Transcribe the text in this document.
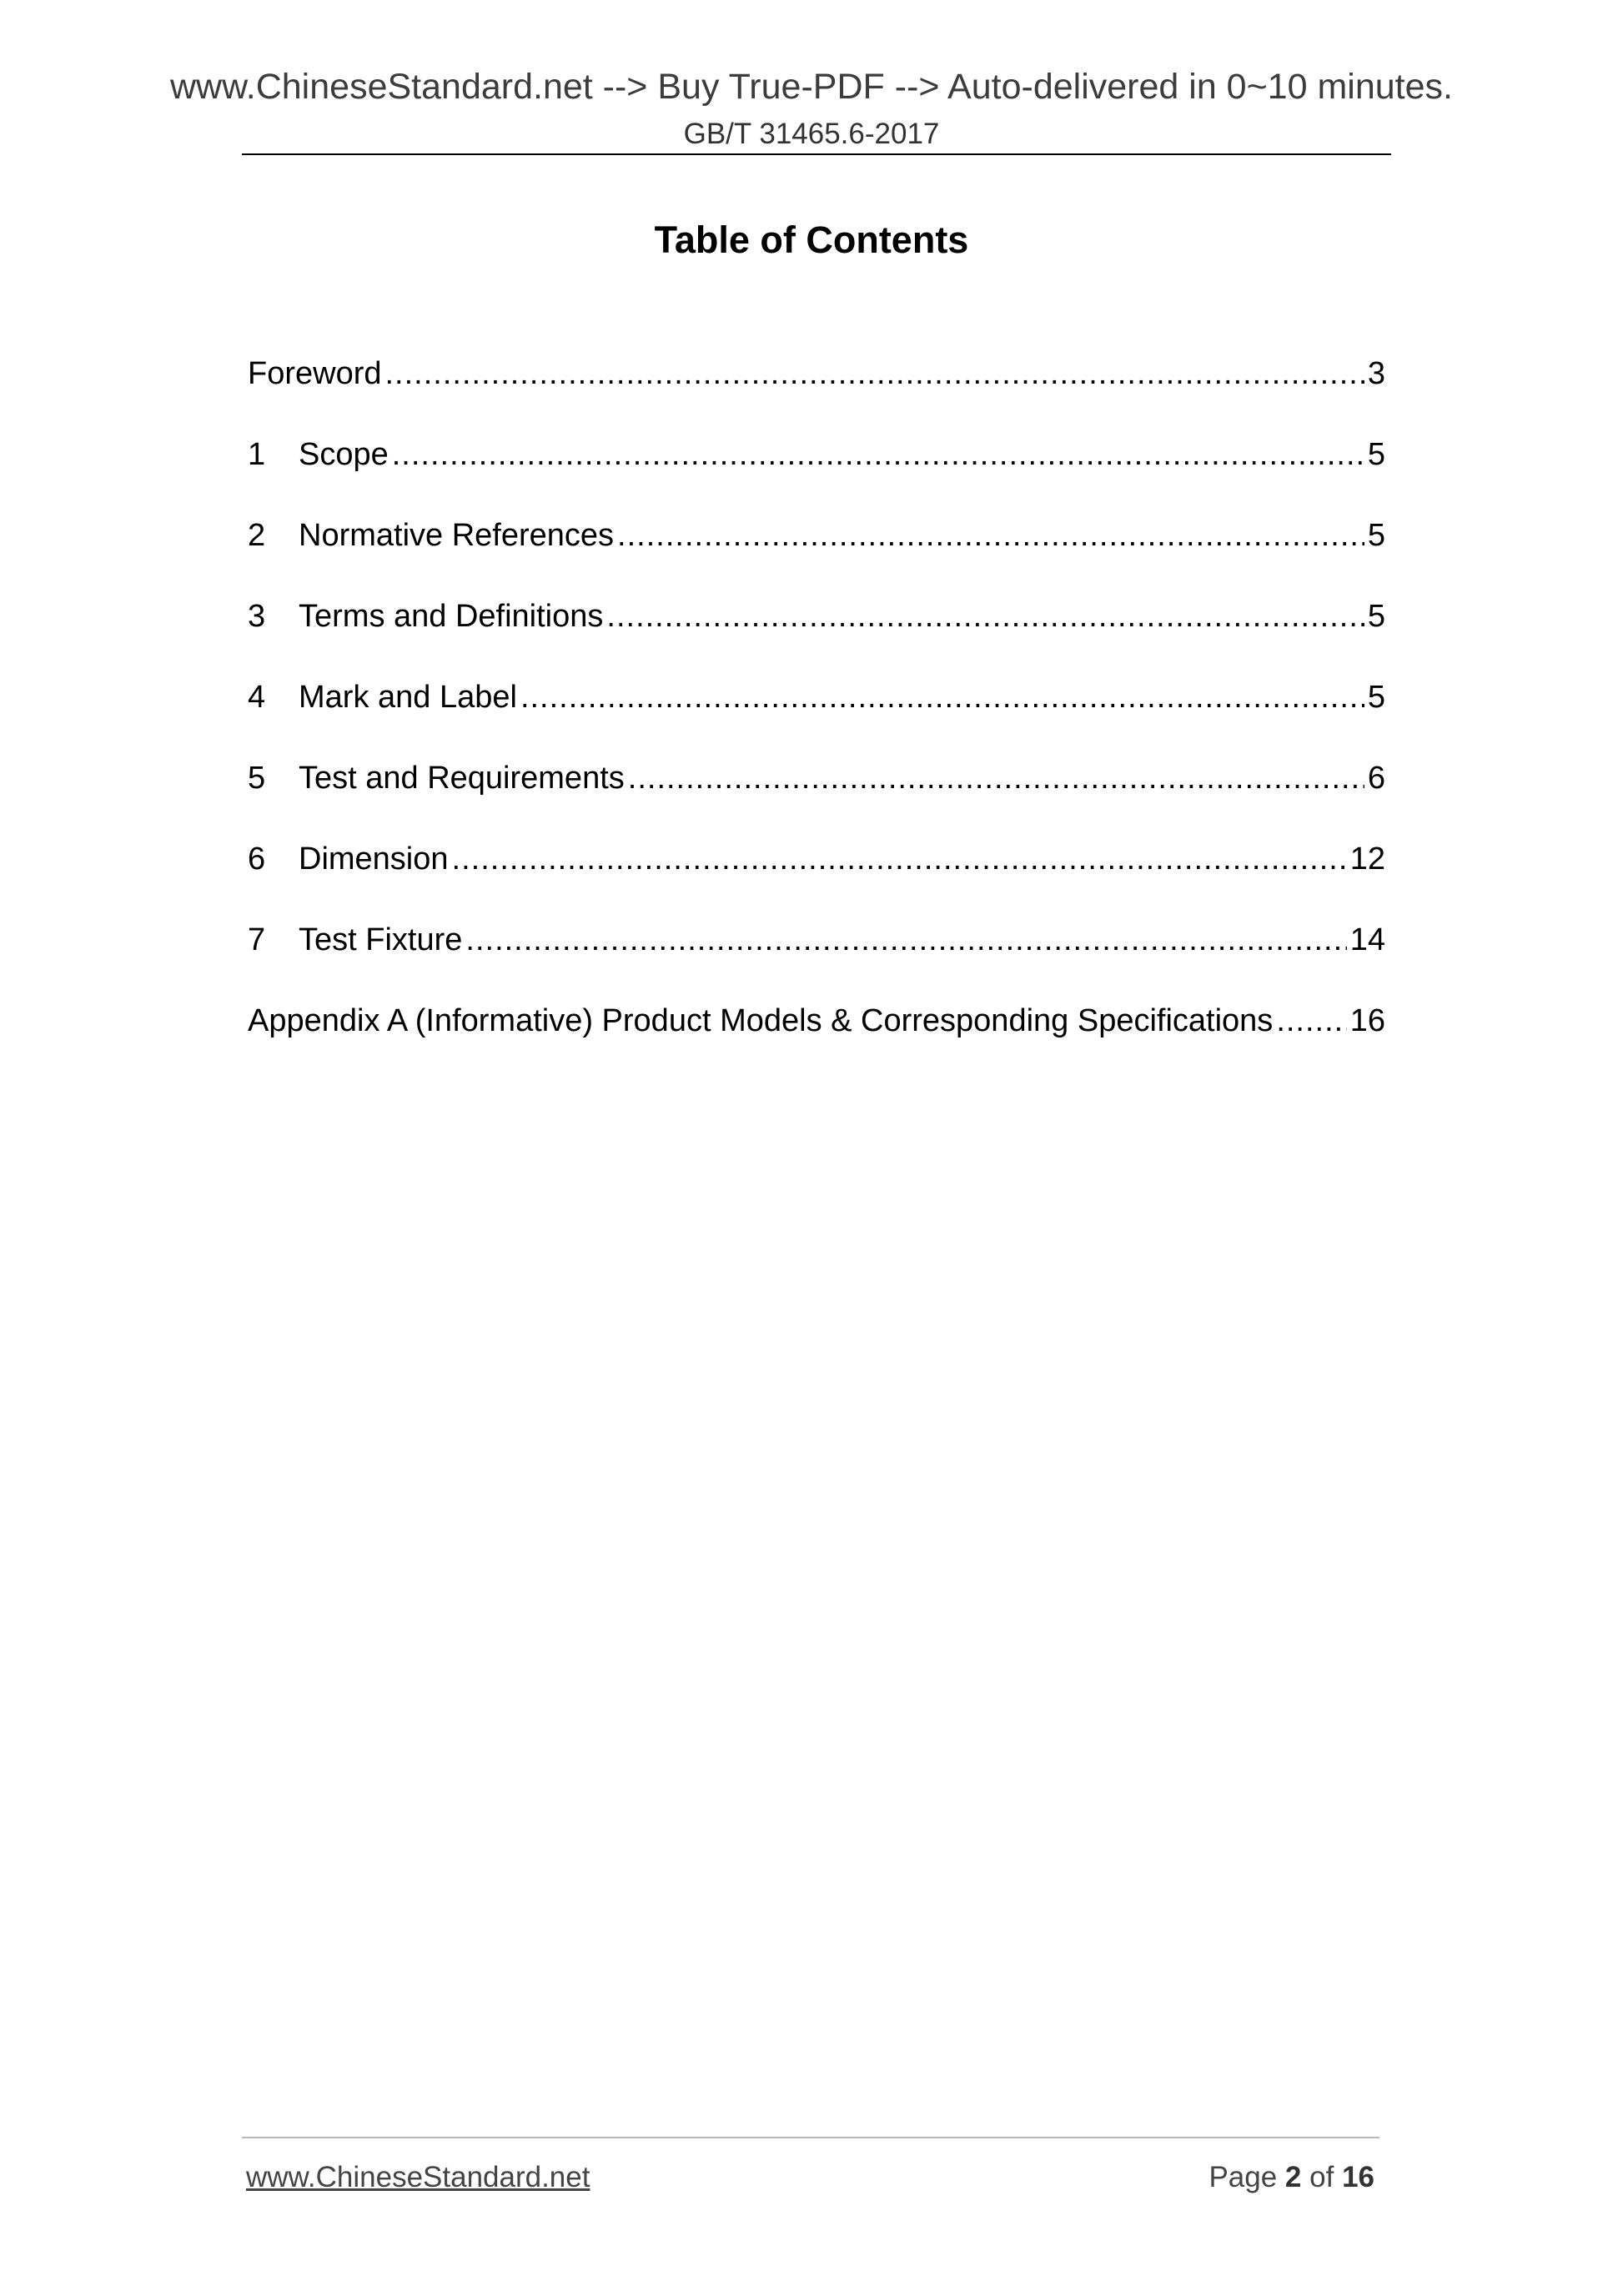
www.ChineseStandard.net --> Buy True-PDF --> Auto-delivered in 0~10 minutes.
GB/T 31465.6-2017
Table of Contents
Foreword .....	3
1	Scope .....	5
2	Normative References .....	5
3	Terms and Definitions .....	5
4	Mark and Label .....	5
5	Test and Requirements .....	6
6	Dimension .....	12
7	Test Fixture .....	14
Appendix A (Informative) Product Models & Corresponding Specifications ..... 16
www.ChineseStandard.net	Page 2 of 16
